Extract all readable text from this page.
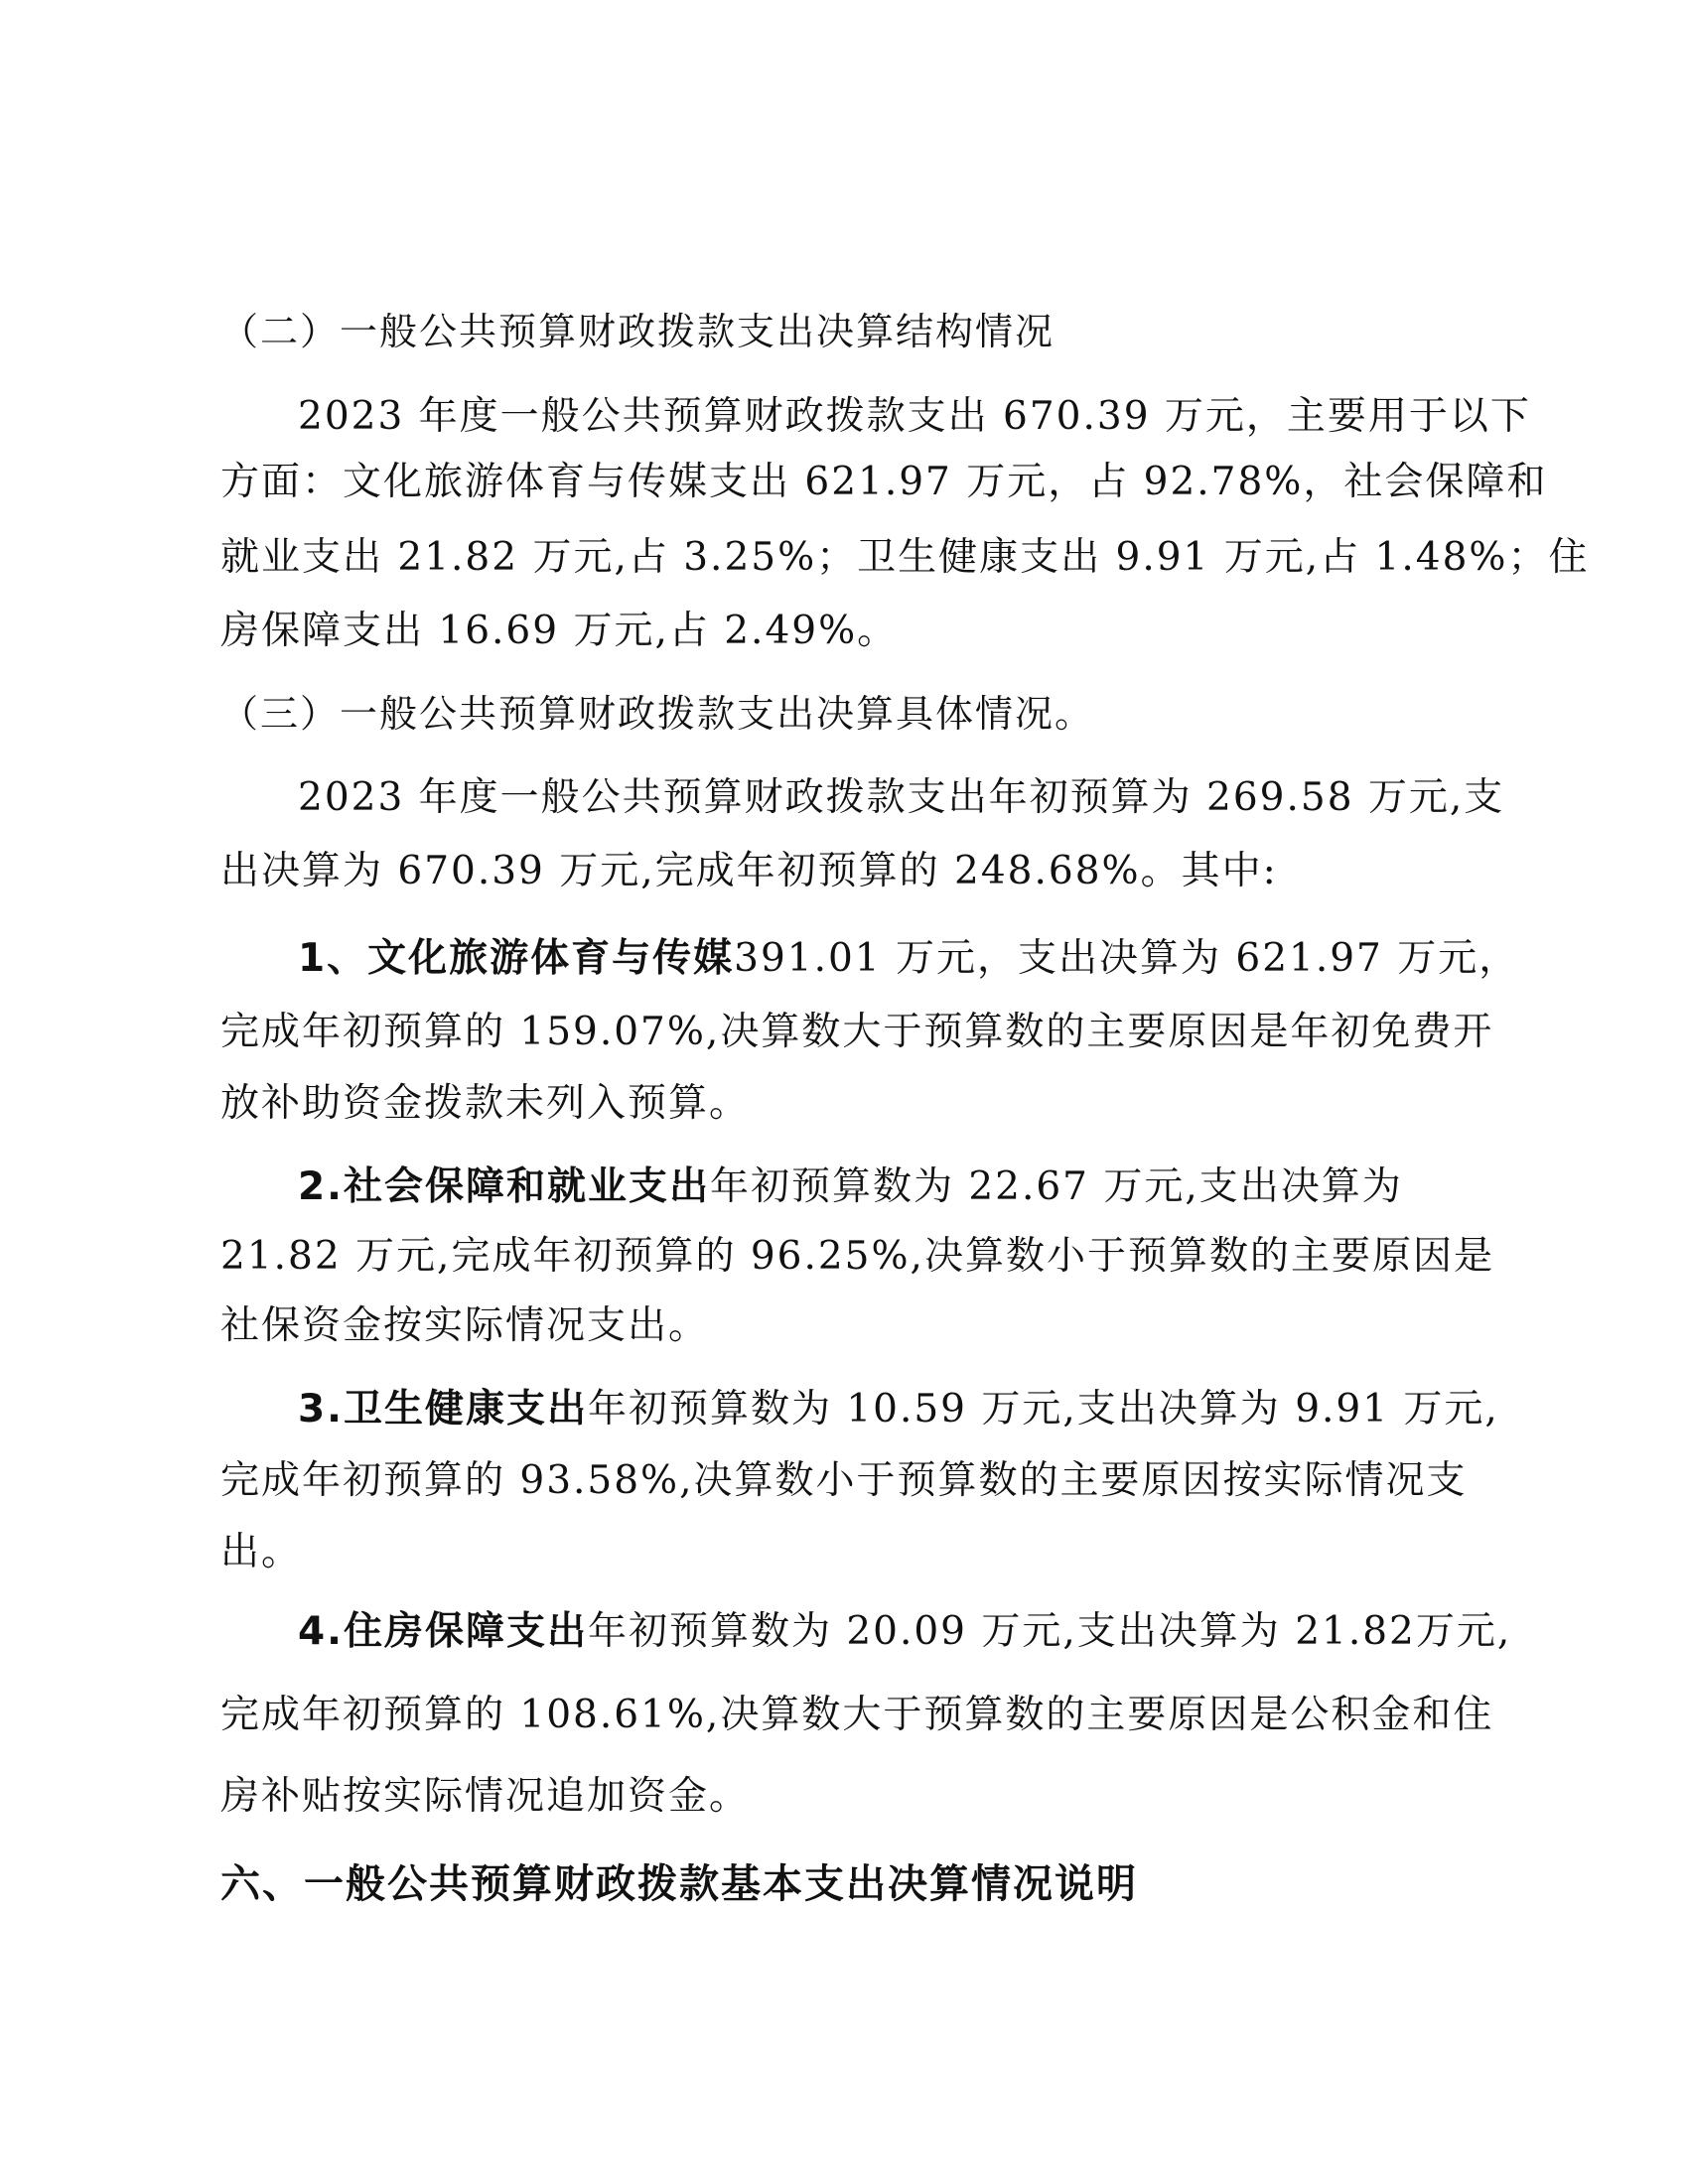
（二）一般公共预算财政拨款支出决算结构情况

2023 年度一般公共预算财政拨款支出 670.39 万元，主要用于以下

方面：文化旅游体育与传媒支出 621.97 万元，占 92.78%，社会保障和

就业支出 21.82 万元,占 3.25%；卫生健康支出 9.91 万元,占 1.48%；住

房保障支出 16.69 万元,占 2.49%。

（三）一般公共预算财政拨款支出决算具体情况。

2023 年度一般公共预算财政拨款支出年初预算为 269.58 万元,支

出决算为 670.39 万元,完成年初预算的 248.68%。其中:

1、文化旅游体育与传媒391.01 万元，支出决算为 621.97 万元，

完成年初预算的 159.07%,决算数大于预算数的主要原因是年初免费开

放补助资金拨款未列入预算。

2.社会保障和就业支出年初预算数为 22.67 万元,支出决算为

21.82 万元,完成年初预算的 96.25%,决算数小于预算数的主要原因是

社保资金按实际情况支出。

3.卫生健康支出年初预算数为 10.59 万元,支出决算为 9.91 万元,

完成年初预算的 93.58%,决算数小于预算数的主要原因按实际情况支

出。

4.住房保障支出年初预算数为 20.09 万元,支出决算为 21.82万元,

完成年初预算的 108.61%,决算数大于预算数的主要原因是公积金和住

房补贴按实际情况追加资金。

六、一般公共预算财政拨款基本支出决算情况说明
